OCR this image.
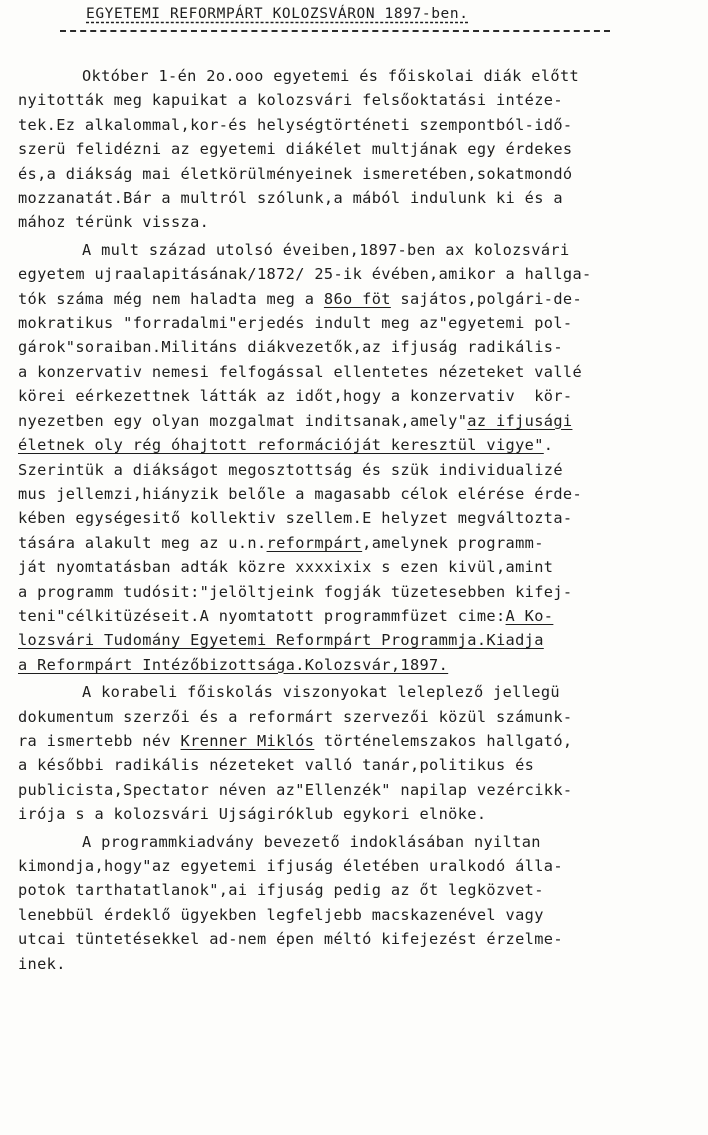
EGYETEMI REFORMPÁRT KOLOZSVÁRON 1897-ben.
Október 1-én 2o.ooo egyetemi és főiskolai diák előtt
nyitották meg kapuikat a kolozsvári felsőoktatási intéze-
tek.Ez alkalommal,kor-és helységtörténeti szempontból-idő-
szerü felidézni az egyetemi diákélet multjának egy érdekes
és,a diákság mai életkörülményeinek ismeretében,sokatmondó
mozzanatát.Bár a multról szólunk,a mából indulunk ki és a
mához térünk vissza.
A mult század utolsó éveiben,1897-ben ax kolozsvári
egyetem ujraalapitásának/1872/ 25-ik évében,amikor a hallga-
tók száma még nem haladta meg a 86o föt sajátos,polgári-de-
mokratikus "forradalmi"erjedés indult meg az"egyetemi pol-
gárok"soraiban.Militáns diákvezetők,az ifjuság radikális-
a konzervativ nemesi felfogással ellentetes nézeteket vallé
körei eérkezettnek látták az időt,hogy a konzervativ  kör-
nyezetben egy olyan mozgalmat inditsanak,amely"az ifjusági
életnek oly rég óhajtott reformációját keresztül vigye".
Szerintük a diákságot megosztottság és szük individualizé
mus jellemzi,hiányzik belőle a magasabb célok elérése érde-
kében egységesitő kollektiv szellem.E helyzet megváltozta-
tására alakult meg az u.n.reformpárt,amelynek programm-
ját nyomtatásban adták közre xxxxixix s ezen kivül,amint
a programm tudósit:"jelöltjeink fogják tüzetesebben kifej-
teni"célkitüzéseit.A nyomtatott programmfüzet cime:A Ko-
lozsvári Tudomány Egyetemi Reformpárt Programmja.Kiadja
a Reformpárt Intézőbizottsága.Kolozsvár,1897.
A korabeli főiskolás viszonyokat leleplező jellegü
dokumentum szerzői és a reformárt szervezői közül számunk-
ra ismertebb név Krenner Miklós történelemszakos hallgató,
a későbbi radikális nézeteket valló tanár,politikus és
publicista,Spectator néven az"Ellenzék" napilap vezércikk-
irója s a kolozsvári Ujságiróklub egykori elnöke.
A programmkiadvány bevezető indoklásában nyiltan
kimondja,hogy"az egyetemi ifjuság életében uralkodó álla-
potok tarthatatlanok",ai ifjuság pedig az őt legközvet-
lenebbül érdeklő ügyekben legfeljebb macskazenével vagy
utcai tüntetésekkel ad-nem épen méltó kifejezést érzelme-
inek.
